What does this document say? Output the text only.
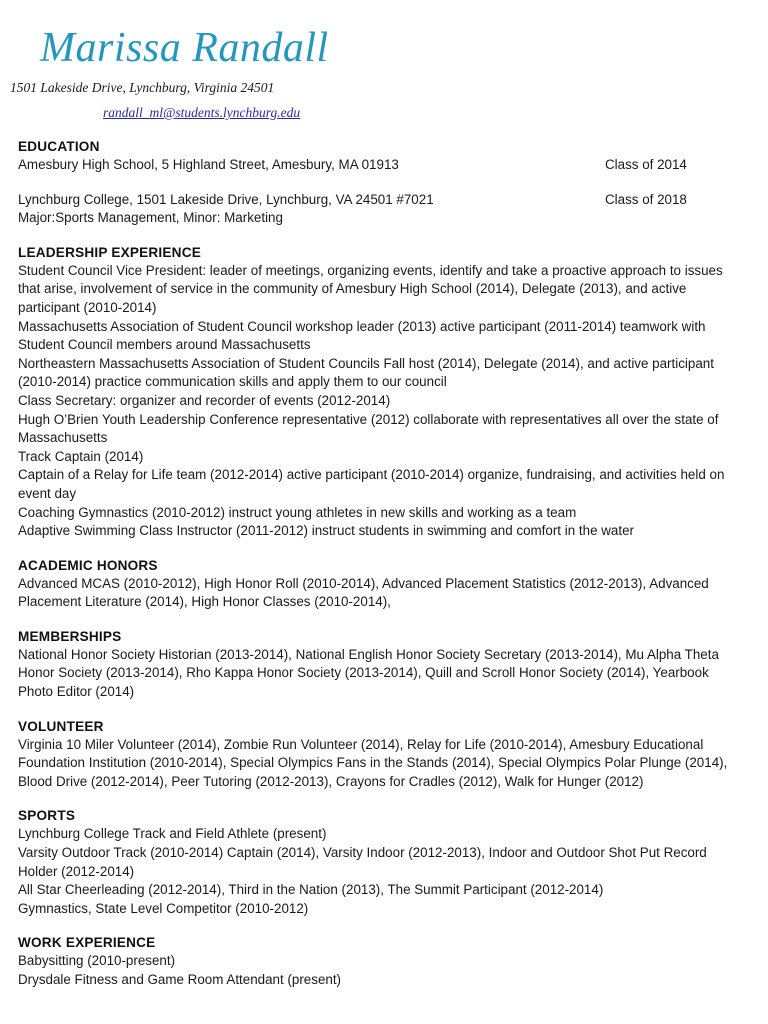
Marissa Randall
1501 Lakeside Drive, Lynchburg, Virginia 24501
randall_ml@students.lynchburg.edu
EDUCATION
Amesbury High School, 5 Highland Street, Amesbury, MA 01913	Class of 2014
Lynchburg College, 1501 Lakeside Drive, Lynchburg, VA 24501 #7021	Class of 2018
Major:Sports Management, Minor: Marketing
LEADERSHIP EXPERIENCE
Student Council Vice President: leader of meetings, organizing events, identify and take a proactive approach to issues
that arise, involvement of service in the community of Amesbury High School (2014), Delegate (2013), and active
participant (2010-2014)
Massachusetts Association of Student Council workshop leader (2013) active participant (2011-2014) teamwork with
Student Council members around Massachusetts
Northeastern Massachusetts Association of Student Councils Fall host (2014), Delegate (2014), and active participant
(2010-2014) practice communication skills and apply them to our council
Class Secretary: organizer and recorder of events (2012-2014)
Hugh O’Brien Youth Leadership Conference representative (2012) collaborate with representatives all over the state of
Massachusetts
Track Captain (2014)
Captain of a Relay for Life team (2012-2014) active participant (2010-2014) organize, fundraising, and activities held on
event day
Coaching Gymnastics (2010-2012) instruct young athletes in new skills and working as a team
Adaptive Swimming Class Instructor (2011-2012) instruct students in swimming and comfort in the water
ACADEMIC HONORS
Advanced MCAS (2010-2012), High Honor Roll (2010-2014), Advanced Placement Statistics (2012-2013), Advanced
Placement Literature (2014), High Honor Classes (2010-2014),
MEMBERSHIPS
National Honor Society Historian (2013-2014), National English Honor Society Secretary (2013-2014), Mu Alpha Theta
Honor Society (2013-2014), Rho Kappa Honor Society (2013-2014), Quill and Scroll Honor Society (2014), Yearbook
Photo Editor (2014)
VOLUNTEER
Virginia 10 Miler Volunteer (2014), Zombie Run Volunteer (2014), Relay for Life (2010-2014), Amesbury Educational
Foundation Institution (2010-2014), Special Olympics Fans in the Stands (2014), Special Olympics Polar Plunge (2014),
Blood Drive (2012-2014), Peer Tutoring (2012-2013), Crayons for Cradles (2012), Walk for Hunger (2012)
SPORTS
Lynchburg College Track and Field Athlete (present)
Varsity Outdoor Track (2010-2014) Captain (2014), Varsity Indoor (2012-2013), Indoor and Outdoor Shot Put Record
Holder (2012-2014)
All Star Cheerleading (2012-2014), Third in the Nation (2013), The Summit Participant (2012-2014)
Gymnastics, State Level Competitor (2010-2012)
WORK EXPERIENCE
Babysitting (2010-present)
Drysdale Fitness and Game Room Attendant (present)
